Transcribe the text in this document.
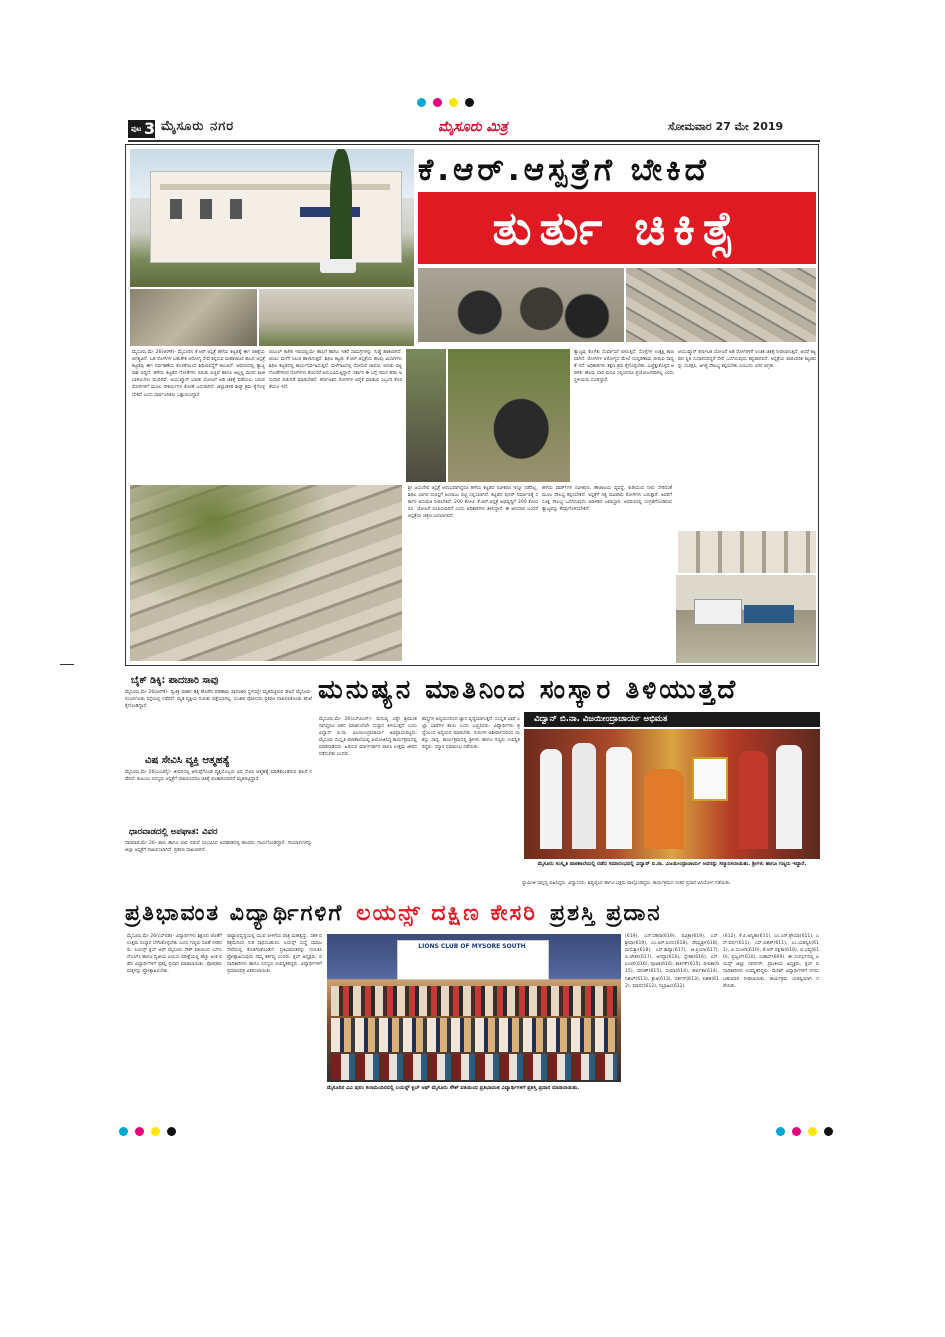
ಪುಟ 3 ಮೈಸೂರು ನಗರ	ಮೈಸೂರು ಮಿತ್ರ	ಸೋಮವಾರ 27 ಮೇ 2019
ಕೆ.ಆರ್.ಆಸ್ಪತ್ರೆಗೆ ಬೇಕಿದೆ
ತುರ್ತು ಚಿಕಿತ್ಸೆ
ಮೈಸೂರು,ಮೇ 26(ಆರ್‌ಕೆ)- ಮೈಸೂರಿನ ಕೆ.ಆರ್.ಆಸ್ಪತ್ರೆ ಹಳೆಯ ಕಟ್ಟಡಕ್ಕೆ ಈಗ ಚಿಕಿತ್ಸೆಯ ಅಗತ್ಯವಿದೆ. ಬಡ ರೋಗಿಗಳ ಬಹುತೇಕ ಆರೋಗ್ಯ ಸೇವೆ ಕಲ್ಪಿಸುವ ಮಹಾರಾಜರ ಕಾಲದ ಆಸ್ಪತ್ರೆ ಕಟ್ಟಡವು ಈಗ ನಿರ್ವಹಣೆಯ ಕೊರತೆಯಿಂದ ಶಿಥಿಲಾವಸ್ಥೆಗೆ ತಲುಪಿದೆ. ಆವರಣದಲ್ಲಿ ತ್ಯಾಜ್ಯ ರಾಶಿ ಬಿದ್ದಿದೆ. ಹಳೆಯ ಕಟ್ಟಡದ ಗೋಡೆಗಳು ಬಿರುಕು ಬಿಟ್ಟಿವೆ ಹಾಗೂ ಅಲ್ಲಲ್ಲಿ ಮರದ ಕಿಟಕಿ ಬಾಗಿಲುಗಳು ಮುರಿದಿವೆ. ಆಯುಷ್ಮಾನ್ ಭಾರತ ಯೋಜನೆ ಅಡಿ ಚಿಕಿತ್ಸೆ ಪಡೆಯಲು ಬರುವ ರೋಗಿಗಳಿಗೆ ಮೂಲ ಸೌಕರ್ಯಗಳ ಕೊರತೆ ಎದುರಾಗಿದೆ. ಜಿಲ್ಲಾಡಳಿತ ಶೀಘ್ರ ಕ್ರಮ ಕೈಗೊಳ್ಳಬೇಕಿದೆ ಎಂದು ಸಾರ್ವಜನಿಕರು ಒತ್ತಾಯಿಸಿದ್ದಾರೆ.
ಬಿಸಿಎಲ್ ಕಚೇರಿ ಇರುವಲ್ಲಿಯೇ ಹಾಸಿಗೆ ಹಾಗೂ ಇತರೆ ಸಾಮಗ್ರಿಗಳನ್ನು ಗುಡ್ಡೆ ಹಾಕಲಾಗಿದೆ. ಬಿಸಿಲು ಮಳೆಗೆ ಸಿಲುಕಿ ಹಾಳಾಗುತ್ತಿವೆ. ಶಿಥಿಲ ಕಟ್ಟಡ: ಕೆ.ಆರ್.ಆಸ್ಪತ್ರೆಯ ಹಲವು ವಿಭಾಗಗಳು ಶಿಥಿಲ ಕಟ್ಟಡದಲ್ಲಿ ಕಾರ್ಯನಿರ್ವಹಿಸುತ್ತಿವೆ. ಮಳೆಗಾಲದಲ್ಲಿ ಸೋರುವ ಚಾವಣಿ, ಬಿರುಕು ಬಿಟ್ಟ ಗೋಡೆಗಳಿಂದ ರೋಗಿಗಳು ತೊಂದರೆ ಅನುಭವಿಸುತ್ತಿದ್ದಾರೆ. ಸರ್ಕಾರ ಈ ಬಗ್ಗೆ ಗಮನ ಹರಿಸಿ ಅನುದಾನ ಬಿಡುಗಡೆ ಮಾಡಬೇಕಿದೆ. ಕರ್ನಾಟಕದ ರೋಗಿಗಳ ಆರೈಕೆ ಮಾಡುವ ಸಿಬ್ಬಂದಿ ಕೊರತೆಯೂ ಇದೆ.
ಶ್ರೀ ಜಯದೇವ ಆಸ್ಪತ್ರೆ ಆರಂಭವಾಗಿದ್ದರೂ ಹಳೆಯ ಕಟ್ಟಡದ ನವೀಕರಣ ಇನ್ನೂ ನಡೆದಿಲ್ಲ. ಶಿಥಿಲ ಭಾಗದ ದುರಸ್ತಿಗೆ ಅಂದಾಜು ಪಟ್ಟಿ ಸಲ್ಲಿಸಲಾಗಿದೆ. ಕಟ್ಟಡದ ಪುನರ್ ನಿರ್ಮಾಣಕ್ಕೆ ಸರ್ಕಾರ ಅನುಮತಿ ನೀಡಬೇಕಿದೆ. 200 ಕೋಟಿ: ಕೆ.ಆರ್.ಆಸ್ಪತ್ರೆ ಅಭಿವೃದ್ಧಿಗೆ 200 ಕೋಟಿ ರೂ. ಯೋಜನೆ ರೂಪಿಸಲಾಗಿದೆ ಎಂದು ಅಧಿಕಾರಿಗಳು ತಿಳಿಸಿದ್ದಾರೆ. ಈ ಅನುದಾನ ಬಂದರೆ ಆಸ್ಪತ್ರೆಯ ಚಿತ್ರಣ ಬದಲಾಗಲಿದೆ.
ಹಳೆಯ ವಾರ್ಡ್‌ಗಳ ನವೀಕರಣ, ಶೌಚಾಲಯ ವ್ಯವಸ್ಥೆ, ಕುಡಿಯುವ ನೀರು ಸೇರಿದಂತೆ ಮೂಲ ಸೌಲಭ್ಯ ಕಲ್ಪಿಸಬೇಕಿದೆ. ಆಸ್ಪತ್ರೆಗೆ ನಿತ್ಯ ಸಾವಿರಾರು ರೋಗಿಗಳು ಬರುತ್ತಾರೆ. ಅವರಿಗೆ ಸೂಕ್ತ ಸೌಲಭ್ಯ ಒದಗಿಸುವುದು ಆಡಳಿತದ ಜವಾಬ್ದಾರಿ. ಆವರಣದಲ್ಲಿ ಸಂಗ್ರಹಗೊಂಡಿರುವ ತ್ಯಾಜ್ಯವನ್ನು ತೆರವುಗೊಳಿಸಬೇಕಿದೆ.
ತ್ಯಾಜ್ಯವು ಕೊಳೆತು ದುರ್ವಾಸನೆ ಬೀರುತ್ತಿದೆ. ಸೊಳ್ಳೆಗಳ ಉತ್ಪತ್ತಿ ತಾಣವಾಗಿದೆ. ರೋಗಿಗಳ ಆರೋಗ್ಯದ ಮೇಲೆ ದುಷ್ಪರಿಣಾಮ ಬೀರುವ ಸಾಧ್ಯತೆ ಇದೆ. ಅಧಿಕಾರಿಗಳು ತಕ್ಷಣ ಕ್ರಮ ಕೈಗೊಳ್ಳಬೇಕು. ಎಚ್ಚೆತ್ತುಕೊಳ್ಳದ ಆಡಳಿತ: ಹಲವು ಬಾರಿ ಮನವಿ ಸಲ್ಲಿಸಿದರೂ ಪ್ರಯೋಜನವಾಗಿಲ್ಲ ಎಂದು ಸ್ಥಳೀಯರು ದೂರಿದ್ದಾರೆ.
ಆಯುಷ್ಮಾನ್ ಕರ್ನಾಟಕ ಯೋಜನೆ ಅಡಿ ರೋಗಿಗಳಿಗೆ ಉಚಿತ ಚಿಕಿತ್ಸೆ ನೀಡಲಾಗುತ್ತಿದೆ. ಆದರೆ ಕಟ್ಟಡದ ಸ್ಥಿತಿ ಸುಧಾರಿಸದಿದ್ದರೆ ಸೇವೆ ಒದಗಿಸುವುದು ಕಷ್ಟವಾಗಲಿದೆ. ಆಸ್ಪತ್ರೆಯ ಪಾರಂಪರಿಕ ಕಟ್ಟಡವನ್ನು ಸಂರಕ್ಷಿಸಿ, ಅಗತ್ಯ ಸೌಲಭ್ಯ ಕಲ್ಪಿಸಬೇಕು ಎಂಬುದು ಜನರ ಆಗ್ರಹ.
ಬೈಕ್ ಡಿಕ್ಕಿ: ಪಾದಚಾರಿ ಸಾವು
ಮೈಸೂರು,ಮೇ 26(ಆರ್‌ಕೆ)- ದ್ವಿಚಕ್ರ ವಾಹನ ಡಿಕ್ಕಿ ಹೊಡೆದ ಪರಿಣಾಮ ಪಾದಚಾರಿ ಸ್ಥಳದಲ್ಲೇ ಮೃತಪಟ್ಟಿರುವ ಘಟನೆ ಮೈಸೂರು-ನಂಜನಗೂಡು ರಸ್ತೆಯಲ್ಲಿ ನಡೆದಿದೆ. ಮೃತ ವ್ಯಕ್ತಿಯ ಗುರುತು ಪತ್ತೆಯಾಗಿಲ್ಲ. ಸಂಚಾರ ಪೊಲೀಸರು ಪ್ರಕರಣ ದಾಖಲಿಸಿಕೊಂಡು ತನಿಖೆ ಕೈಗೊಂಡಿದ್ದಾರೆ.
ವಿಷ ಸೇವಿಸಿ ವ್ಯಕ್ತಿ ಆತ್ಮಹತ್ಯೆ
ಮೈಸೂರು,ಮೇ 26(ಎಂಟಿವೈ)- ಜೀವನದಲ್ಲಿ ಜಿಗುಪ್ಸೆಗೊಂಡ ವ್ಯಕ್ತಿಯೊಬ್ಬರು ವಿಷ ಸೇವಿಸಿ ಆತ್ಮಹತ್ಯೆ ಮಾಡಿಕೊಂಡಿರುವ ಘಟನೆ ನಡೆದಿದೆ. ಕುಟುಂಬ ಸದಸ್ಯರು ಆಸ್ಪತ್ರೆಗೆ ದಾಖಲಿಸಿದರೂ ಚಿಕಿತ್ಸೆ ಫಲಕಾರಿಯಾಗದೆ ಮೃತಪಟ್ಟಿದ್ದಾರೆ.
ಧಾರವಾಡದಲ್ಲಿ ಅಪಘಾತ: ವಿವರ
ಧಾರವಾಡ,ಮೇ 26- ಕಾರು ಹಾಗೂ ಲಾರಿ ನಡುವೆ ಸಂಭವಿಸಿದ ಅಪಘಾತದಲ್ಲಿ ಹಲವರು ಗಾಯಗೊಂಡಿದ್ದಾರೆ. ಗಾಯಾಳುಗಳನ್ನು ಜಿಲ್ಲಾ ಆಸ್ಪತ್ರೆಗೆ ದಾಖಲಿಸಲಾಗಿದೆ. ಪ್ರಕರಣ ದಾಖಲಾಗಿದೆ.
ಮನುಷ್ಯನ ಮಾತಿನಿಂದ ಸಂಸ್ಕಾರ ತಿಳಿಯುತ್ತದೆ
ವಿದ್ವಾನ್ ಬಿ.ನಾ. ವಿಜಯೀಂದ್ರಾಚಾರ್ಯ ಅಭಿಮತ
ಮೈಸೂರು,ಮೇ 26(ಎಸ್‌ಪಿಎನ್)- ಮನುಷ್ಯ ಎಷ್ಟೇ ಶ್ರೀಮಂತನಾಗಿದ್ದರೂ ಆತನ ಮಾತಿನಿಂದಲೇ ಸಂಸ್ಕಾರ ತಿಳಿಯುತ್ತದೆ ಎಂದು ವಿದ್ವಾನ್ ಬಿ.ನಾ. ವಿಜಯೀಂದ್ರಾಚಾರ್ಯ ಅಭಿಪ್ರಾಯಪಟ್ಟರು. ಮೈಸೂರು ಸಂಸ್ಕೃತಿ ಪಾಠಶಾಲೆಯಲ್ಲಿ ಆಯೋಜಿಸಿದ್ದ ಕಾರ್ಯಕ್ರಮದಲ್ಲಿ ಮಾತನಾಡಿದರು. ಹಿರಿಯರ ಮಾರ್ಗದರ್ಶನ ಪಾಲಿಸಿ ಉತ್ತಮ ಜೀವನ ನಡೆಸಬೇಕು ಎಂದರು.
ಶಾಸ್ತ್ರಗಳ ಅಧ್ಯಯನದಿಂದ ಜ್ಞಾನ ವೃದ್ಧಿಯಾಗುತ್ತದೆ. ಸಂಸ್ಕೃತ ಭಾಷೆ ಎಲ್ಲಾ ಭಾಷೆಗಳ ತಾಯಿ ಎಂದು ಬಣ್ಣಿಸಿದರು. ವಿದ್ಯಾರ್ಥಿಗಳು ಶ್ರದ್ಧೆಯಿಂದ ಅಧ್ಯಯನ ಮಾಡಬೇಕು. ಗುರುಗಳ ಆಶೀರ್ವಾದದಿಂದ ಯಶಸ್ಸು ಸಾಧ್ಯ. ಕಾರ್ಯಕ್ರಮದಲ್ಲಿ ಶ್ರೀಗಳು ಹಾಗೂ ಗಣ್ಯರು ಉಪಸ್ಥಿತರಿದ್ದರು. ಸನ್ಮಾನ ಸಮಾರಂಭ ನಡೆಯಿತು.
ಮೈಸೂರು ಸಂಸ್ಕೃತಿ ಪಾಠಶಾಲೆಯಲ್ಲಿ ನಡೆದ ಸಮಾರಂಭದಲ್ಲಿ ವಿದ್ವಾನ್ ಬಿ.ನಾ. ವಿಜಯೀಂದ್ರಾಚಾರ್ಯ ಅವರನ್ನು ಸನ್ಮಾನಿಸಲಾಯಿತು. ಶ್ರೀಗಳು ಹಾಗೂ ಗಣ್ಯರು ಇದ್ದಾರೆ.
ಸ್ವಾಮೀಜಿ ಸಾನ್ನಿಧ್ಯ ವಹಿಸಿದ್ದರು. ವಿದ್ವಾಂಸರು, ಶಿಷ್ಯವೃಂದ ಹಾಗೂ ಭಕ್ತರು ಪಾಲ್ಗೊಂಡಿದ್ದರು. ಕಾರ್ಯಕ್ರಮದ ನಂತರ ಪ್ರಸಾದ ವಿನಿಯೋಗ ನಡೆಯಿತು.
ಪ್ರತಿಭಾವಂತ ವಿದ್ಯಾರ್ಥಿಗಳಿಗೆ ಲಯನ್ಸ್ ದಕ್ಷಿಣ ಕೇಸರಿ ಪ್ರಶಸ್ತಿ ಪ್ರದಾನ
ಮೈಸೂರು,ಮೇ 26(ಎಸ್‌ಬಿಡಿ)- ವಿದ್ಯಾರ್ಥಿಗಳು ಶಿಕ್ಷಣದ ಜೊತೆಗೆ ಉತ್ತಮ ಸಂಸ್ಕಾರ ಬೆಳೆಸಿಕೊಳ್ಳಬೇಕು ಎಂದು ಗಣ್ಯರು ಸಲಹೆ ನೀಡಿದರು. ಲಯನ್ಸ್ ಕ್ಲಬ್ ಆಫ್ ಮೈಸೂರು ಸೌತ್ ವತಿಯಿಂದ ಎಸ್‌ಎಸ್‌ಎಲ್‌ಸಿ ಹಾಗೂ ದ್ವಿತೀಯ ಪಿಯುಸಿ ಪರೀಕ್ಷೆಯಲ್ಲಿ ಹೆಚ್ಚು ಅಂಕ ಪಡೆದ ವಿದ್ಯಾರ್ಥಿಗಳಿಗೆ ಪ್ರಶಸ್ತಿ ಪ್ರದಾನ ಮಾಡಲಾಯಿತು. ಪೋಷಕರು ಮಕ್ಕಳನ್ನು ಪ್ರೋತ್ಸಾಹಿಸಬೇಕು.
ರಾಷ್ಟ್ರಾಭಿವೃದ್ಧಿಯಲ್ಲಿ ಯುವ ಪೀಳಿಗೆಯ ಪಾತ್ರ ಮಹತ್ವದ್ದು. ಸತತ ಪರಿಶ್ರಮದಿಂದ ಗುರಿ ಸಾಧಿಸಬಹುದು. ಲಯನ್ಸ್ ಸಂಸ್ಥೆ ಸಮಾಜ ಸೇವೆಯಲ್ಲಿ ತೊಡಗಿಸಿಕೊಂಡಿದೆ. ಪ್ರತಿಭಾವಂತರನ್ನು ಗುರುತಿಸಿ ಪ್ರೋತ್ಸಾಹಿಸುವುದು ನಮ್ಮ ಕರ್ತವ್ಯ ಎಂದರು. ಕ್ಲಬ್ ಅಧ್ಯಕ್ಷರು, ಪದಾಧಿಕಾರಿಗಳು ಹಾಗೂ ಸದಸ್ಯರು ಉಪಸ್ಥಿತರಿದ್ದರು. ವಿದ್ಯಾರ್ಥಿಗಳಿಗೆ ಪ್ರಮಾಣಪತ್ರ ವಿತರಿಸಲಾಯಿತು.
LIONS CLUB OF MYSORE SOUTH
ಮೈಸೂರಿನ ವಿವಿ ಪುರಂ ಕಲಾಮಂದಿರದಲ್ಲಿ ಲಯನ್ಸ್ ಕ್ಲಬ್ ಆಫ್ ಮೈಸೂರು ಸೌತ್ ವತಿಯಿಂದ ಪ್ರತಿಭಾವಂತ ವಿದ್ಯಾರ್ಥಿಗಳಿಗೆ ಪ್ರಶಸ್ತಿ ಪ್ರದಾನ ಮಾಡಲಾಯಿತು.
(619), ಎಸ್.ಸಹನಾ(619), ಪವಿತ್ರಾ(619), ಎಸ್.ಶ್ರೀಷಾ(619), ಎಂ.ಆರ್.ಸಿಂಧು(618), ಸೌಮ್ಯಶ್ರೀ(618), ಮಧುಶ್ರೀ(618), ಎಸ್.ಕಾವ್ಯಾ(617), ಜಿ.ಪ್ರಿಯಾ(617), ಬಿ.ಚೇತನ(617), ಅನನ್ಯಾ(616), ಸ್ನೇಹಾ(616), ಎಸ್.ಸಿಂಚನ(616), ಪೂಜಾ(616), ಕಾರ್ತಿಕ್(615), ದೀಪಿಕಾ(615), ವರುಣ್(615), ಸುಮಾ(614), ಹರ್ಷಿತಾ(614), ನಿಖಿಲ್(613), ಶ್ರುತಿ(613), ದರ್ಶನ್(613), ಲಿಖಿತ(612), ಮಾನಸ(612), ಇಬ್ರಾಹಿಂ(612).
(612), ಕೆ.ಪಿ.ಅನ್ವಿತಾ(611), ಎಂ.ಎನ್.ಶ್ರೇಯಾ(611), ಎಸ್.ವರ್ಷ(611), ಎಸ್.ಲಿಖಿತ್(611), ಎಂ.ಯಶಸ್ವಿನಿ(611), ಪಿ.ಸಂಜನಾ(610), ಕೆ.ಆರ್.ರಕ್ಷಿತಾ(610), ಬಿ.ಭವ್ಯ(610), ಪ್ರಜ್ವಲ್(610), ಸುಹಾಸ್(609). ಈ ಸಂದರ್ಭದಲ್ಲಿ ಲಯನ್ಸ್ ಜಿಲ್ಲಾ ಗವರ್ನರ್, ಪ್ರಾಂತೀಯ ಅಧ್ಯಕ್ಷರು, ಕ್ಲಬ್ ಪದಾಧಿಕಾರಿಗಳು ಉಪಸ್ಥಿತರಿದ್ದರು. ಮೆರಿಟ್ ವಿದ್ಯಾರ್ಥಿಗಳಿಗೆ ನಗದು ಬಹುಮಾನ ನೀಡಲಾಯಿತು. ಕಾರ್ಯಕ್ರಮ ಯಶಸ್ವಿಯಾಗಿ ನಡೆಯಿತು.
